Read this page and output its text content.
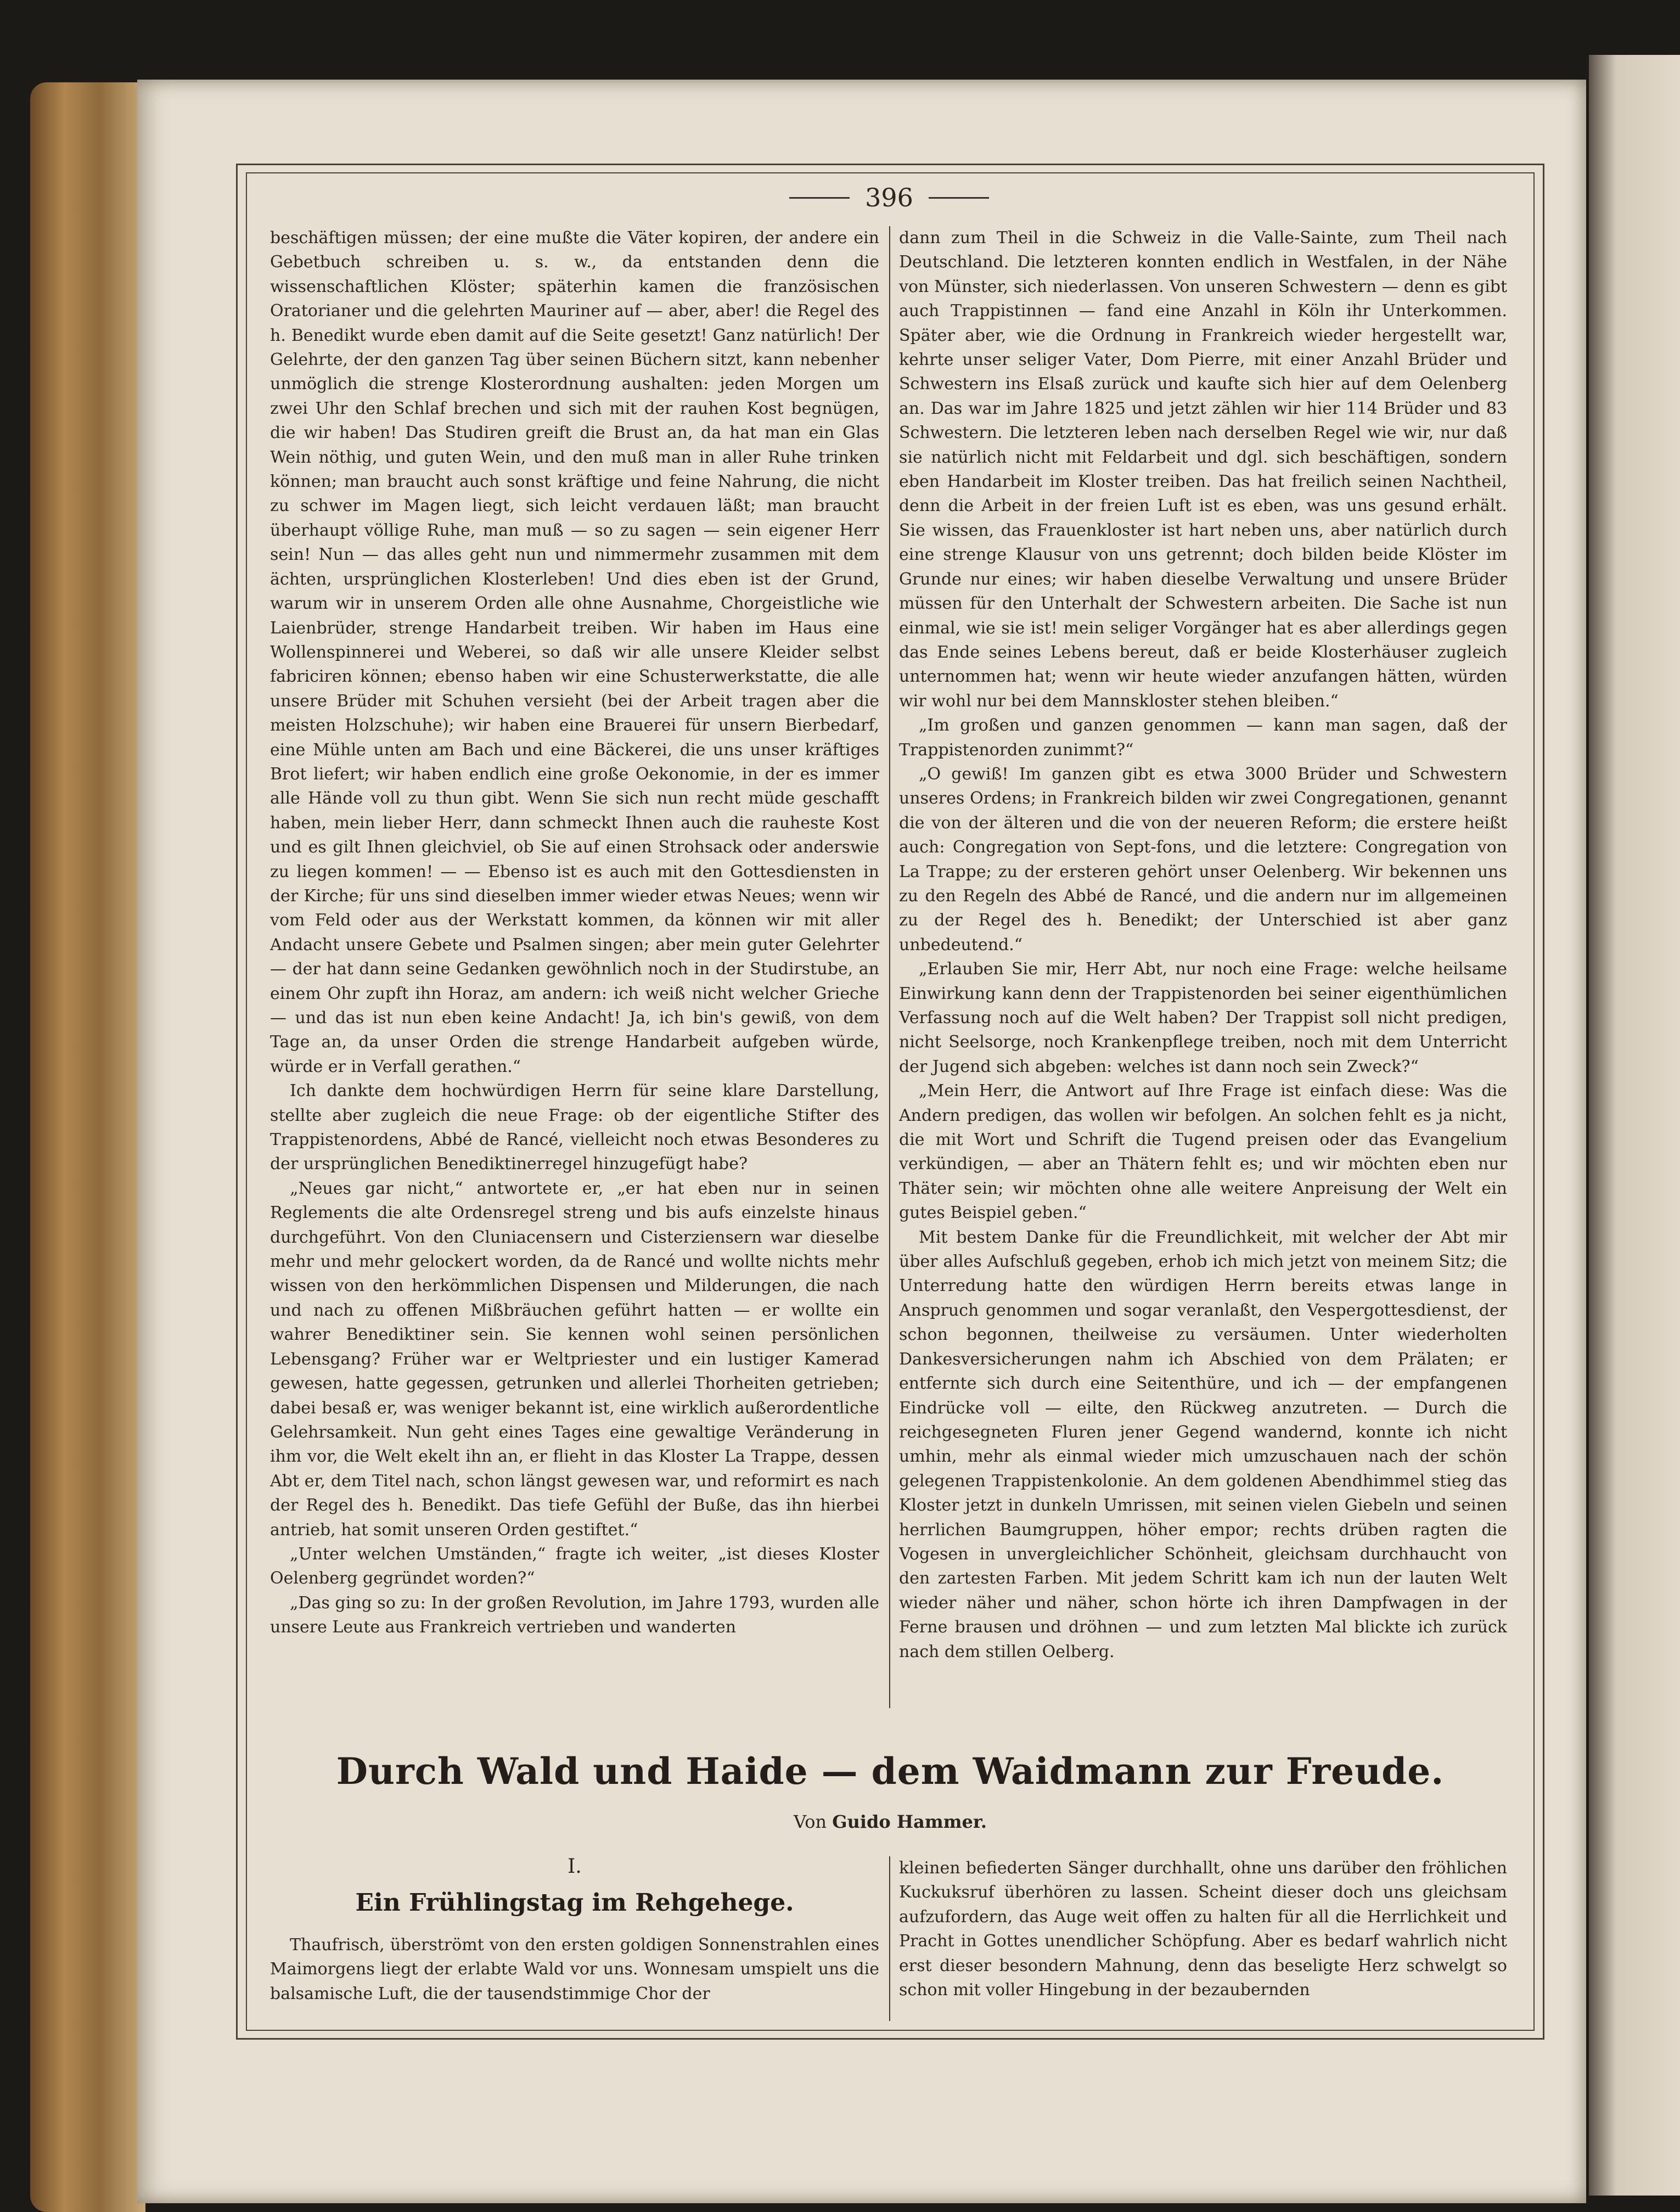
396

beschäftigen müssen; der eine mußte die Väter kopiren, der andere ein Gebetbuch schreiben u. s. w., da entstanden denn die wissenschaftlichen Klöster; späterhin kamen die französischen Oratorianer und die gelehrten Mauriner auf — aber, aber! die Regel des h. Benedikt wurde eben damit auf die Seite gesetzt! Ganz natürlich! Der Gelehrte, der den ganzen Tag über seinen Büchern sitzt, kann nebenher unmöglich die strenge Klosterordnung aushalten: jeden Morgen um zwei Uhr den Schlaf brechen und sich mit der rauhen Kost begnügen, die wir haben! Das Studiren greift die Brust an, da hat man ein Glas Wein nöthig, und guten Wein, und den muß man in aller Ruhe trinken können; man braucht auch sonst kräftige und feine Nahrung, die nicht zu schwer im Magen liegt, sich leicht verdauen läßt; man braucht überhaupt völlige Ruhe, man muß — so zu sagen — sein eigener Herr sein! Nun — das alles geht nun und nimmermehr zusammen mit dem ächten, ursprünglichen Klosterleben! Und dies eben ist der Grund, warum wir in unserem Orden alle ohne Ausnahme, Chorgeistliche wie Laienbrüder, strenge Handarbeit treiben. Wir haben im Haus eine Wollenspinnerei und Weberei, so daß wir alle unsere Kleider selbst fabriciren können; ebenso haben wir eine Schusterwerkstatte, die alle unsere Brüder mit Schuhen versieht (bei der Arbeit tragen aber die meisten Holzschuhe); wir haben eine Brauerei für unsern Bierbedarf, eine Mühle unten am Bach und eine Bäckerei, die uns unser kräftiges Brot liefert; wir haben endlich eine große Oekonomie, in der es immer alle Hände voll zu thun gibt. Wenn Sie sich nun recht müde geschafft haben, mein lieber Herr, dann schmeckt Ihnen auch die rauheste Kost und es gilt Ihnen gleichviel, ob Sie auf einen Strohsack oder anderswie zu liegen kommen! — — Ebenso ist es auch mit den Gottesdiensten in der Kirche; für uns sind dieselben immer wieder etwas Neues; wenn wir vom Feld oder aus der Werkstatt kommen, da können wir mit aller Andacht unsere Gebete und Psalmen singen; aber mein guter Gelehrter — der hat dann seine Gedanken gewöhnlich noch in der Studirstube, an einem Ohr zupft ihn Horaz, am andern: ich weiß nicht welcher Grieche — und das ist nun eben keine Andacht! Ja, ich bin's gewiß, von dem Tage an, da unser Orden die strenge Handarbeit aufgeben würde, würde er in Verfall gerathen.“

Ich dankte dem hochwürdigen Herrn für seine klare Darstellung, stellte aber zugleich die neue Frage: ob der eigentliche Stifter des Trappistenordens, Abbé de Rancé, vielleicht noch etwas Besonderes zu der ursprünglichen Benediktinerregel hinzugefügt habe?

„Neues gar nicht,“ antwortete er, „er hat eben nur in seinen Reglements die alte Ordensregel streng und bis aufs einzelste hinaus durchgeführt. Von den Cluniacensern und Cisterziensern war dieselbe mehr und mehr gelockert worden, da de Rancé und wollte nichts mehr wissen von den herkömmlichen Dispensen und Milderungen, die nach und nach zu offenen Mißbräuchen geführt hatten — er wollte ein wahrer Benediktiner sein. Sie kennen wohl seinen persönlichen Lebensgang? Früher war er Weltpriester und ein lustiger Kamerad gewesen, hatte gegessen, getrunken und allerlei Thorheiten getrieben; dabei besaß er, was weniger bekannt ist, eine wirklich außerordentliche Gelehrsamkeit. Nun geht eines Tages eine gewaltige Veränderung in ihm vor, die Welt ekelt ihn an, er flieht in das Kloster La Trappe, dessen Abt er, dem Titel nach, schon längst gewesen war, und reformirt es nach der Regel des h. Benedikt. Das tiefe Gefühl der Buße, das ihn hierbei antrieb, hat somit unseren Orden gestiftet.“

„Unter welchen Umständen,“ fragte ich weiter, „ist dieses Kloster Oelenberg gegründet worden?“

„Das ging so zu: In der großen Revolution, im Jahre 1793, wurden alle unsere Leute aus Frankreich vertrieben und wanderten

dann zum Theil in die Schweiz in die Valle-Sainte, zum Theil nach Deutschland. Die letzteren konnten endlich in Westfalen, in der Nähe von Münster, sich niederlassen. Von unseren Schwestern — denn es gibt auch Trappistinnen — fand eine Anzahl in Köln ihr Unterkommen. Später aber, wie die Ordnung in Frankreich wieder hergestellt war, kehrte unser seliger Vater, Dom Pierre, mit einer Anzahl Brüder und Schwestern ins Elsaß zurück und kaufte sich hier auf dem Oelenberg an. Das war im Jahre 1825 und jetzt zählen wir hier 114 Brüder und 83 Schwestern. Die letzteren leben nach derselben Regel wie wir, nur daß sie natürlich nicht mit Feldarbeit und dgl. sich beschäftigen, sondern eben Handarbeit im Kloster treiben. Das hat freilich seinen Nachtheil, denn die Arbeit in der freien Luft ist es eben, was uns gesund erhält. Sie wissen, das Frauenkloster ist hart neben uns, aber natürlich durch eine strenge Klausur von uns getrennt; doch bilden beide Klöster im Grunde nur eines; wir haben dieselbe Verwaltung und unsere Brüder müssen für den Unterhalt der Schwestern arbeiten. Die Sache ist nun einmal, wie sie ist! mein seliger Vorgänger hat es aber allerdings gegen das Ende seines Lebens bereut, daß er beide Klosterhäuser zugleich unternommen hat; wenn wir heute wieder anzufangen hätten, würden wir wohl nur bei dem Mannskloster stehen bleiben.“

„Im großen und ganzen genommen — kann man sagen, daß der Trappistenorden zunimmt?“

„O gewiß! Im ganzen gibt es etwa 3000 Brüder und Schwestern unseres Ordens; in Frankreich bilden wir zwei Congregationen, genannt die von der älteren und die von der neueren Reform; die erstere heißt auch: Congregation von Sept-fons, und die letztere: Congregation von La Trappe; zu der ersteren gehört unser Oelenberg. Wir bekennen uns zu den Regeln des Abbé de Rancé, und die andern nur im allgemeinen zu der Regel des h. Benedikt; der Unterschied ist aber ganz unbedeutend.“

„Erlauben Sie mir, Herr Abt, nur noch eine Frage: welche heilsame Einwirkung kann denn der Trappistenorden bei seiner eigenthümlichen Verfassung noch auf die Welt haben? Der Trappist soll nicht predigen, nicht Seelsorge, noch Krankenpflege treiben, noch mit dem Unterricht der Jugend sich abgeben: welches ist dann noch sein Zweck?“

„Mein Herr, die Antwort auf Ihre Frage ist einfach diese: Was die Andern predigen, das wollen wir befolgen. An solchen fehlt es ja nicht, die mit Wort und Schrift die Tugend preisen oder das Evangelium verkündigen, — aber an Thätern fehlt es; und wir möchten eben nur Thäter sein; wir möchten ohne alle weitere Anpreisung der Welt ein gutes Beispiel geben.“

Mit bestem Danke für die Freundlichkeit, mit welcher der Abt mir über alles Aufschluß gegeben, erhob ich mich jetzt von meinem Sitz; die Unterredung hatte den würdigen Herrn bereits etwas lange in Anspruch genommen und sogar veranlaßt, den Vespergottesdienst, der schon begonnen, theilweise zu versäumen. Unter wiederholten Dankesversicherungen nahm ich Abschied von dem Prälaten; er entfernte sich durch eine Seitenthüre, und ich — der empfangenen Eindrücke voll — eilte, den Rückweg anzutreten. — Durch die reichgesegneten Fluren jener Gegend wandernd, konnte ich nicht umhin, mehr als einmal wieder mich umzuschauen nach der schön gelegenen Trappistenkolonie. An dem goldenen Abendhimmel stieg das Kloster jetzt in dunkeln Umrissen, mit seinen vielen Giebeln und seinen herrlichen Baumgruppen, höher empor; rechts drüben ragten die Vogesen in unvergleichlicher Schönheit, gleichsam durchhaucht von den zartesten Farben. Mit jedem Schritt kam ich nun der lauten Welt wieder näher und näher, schon hörte ich ihren Dampfwagen in der Ferne brausen und dröhnen — und zum letzten Mal blickte ich zurück nach dem stillen Oelberg.

Durch Wald und Haide — dem Waidmann zur Freude.
Von Guido Hammer.
I.
Ein Frühlingstag im Rehgehege.

Thaufrisch, überströmt von den ersten goldigen Sonnenstrahlen eines Maimorgens liegt der erlabte Wald vor uns. Wonnesam umspielt uns die balsamische Luft, die der tausendstimmige Chor der

kleinen befiederten Sänger durchhallt, ohne uns darüber den fröhlichen Kuckuksruf überhören zu lassen. Scheint dieser doch uns gleichsam aufzufordern, das Auge weit offen zu halten für all die Herrlichkeit und Pracht in Gottes unendlicher Schöpfung. Aber es bedarf wahrlich nicht erst dieser besondern Mahnung, denn das beseligte Herz schwelgt so schon mit voller Hingebung in der bezaubernden
